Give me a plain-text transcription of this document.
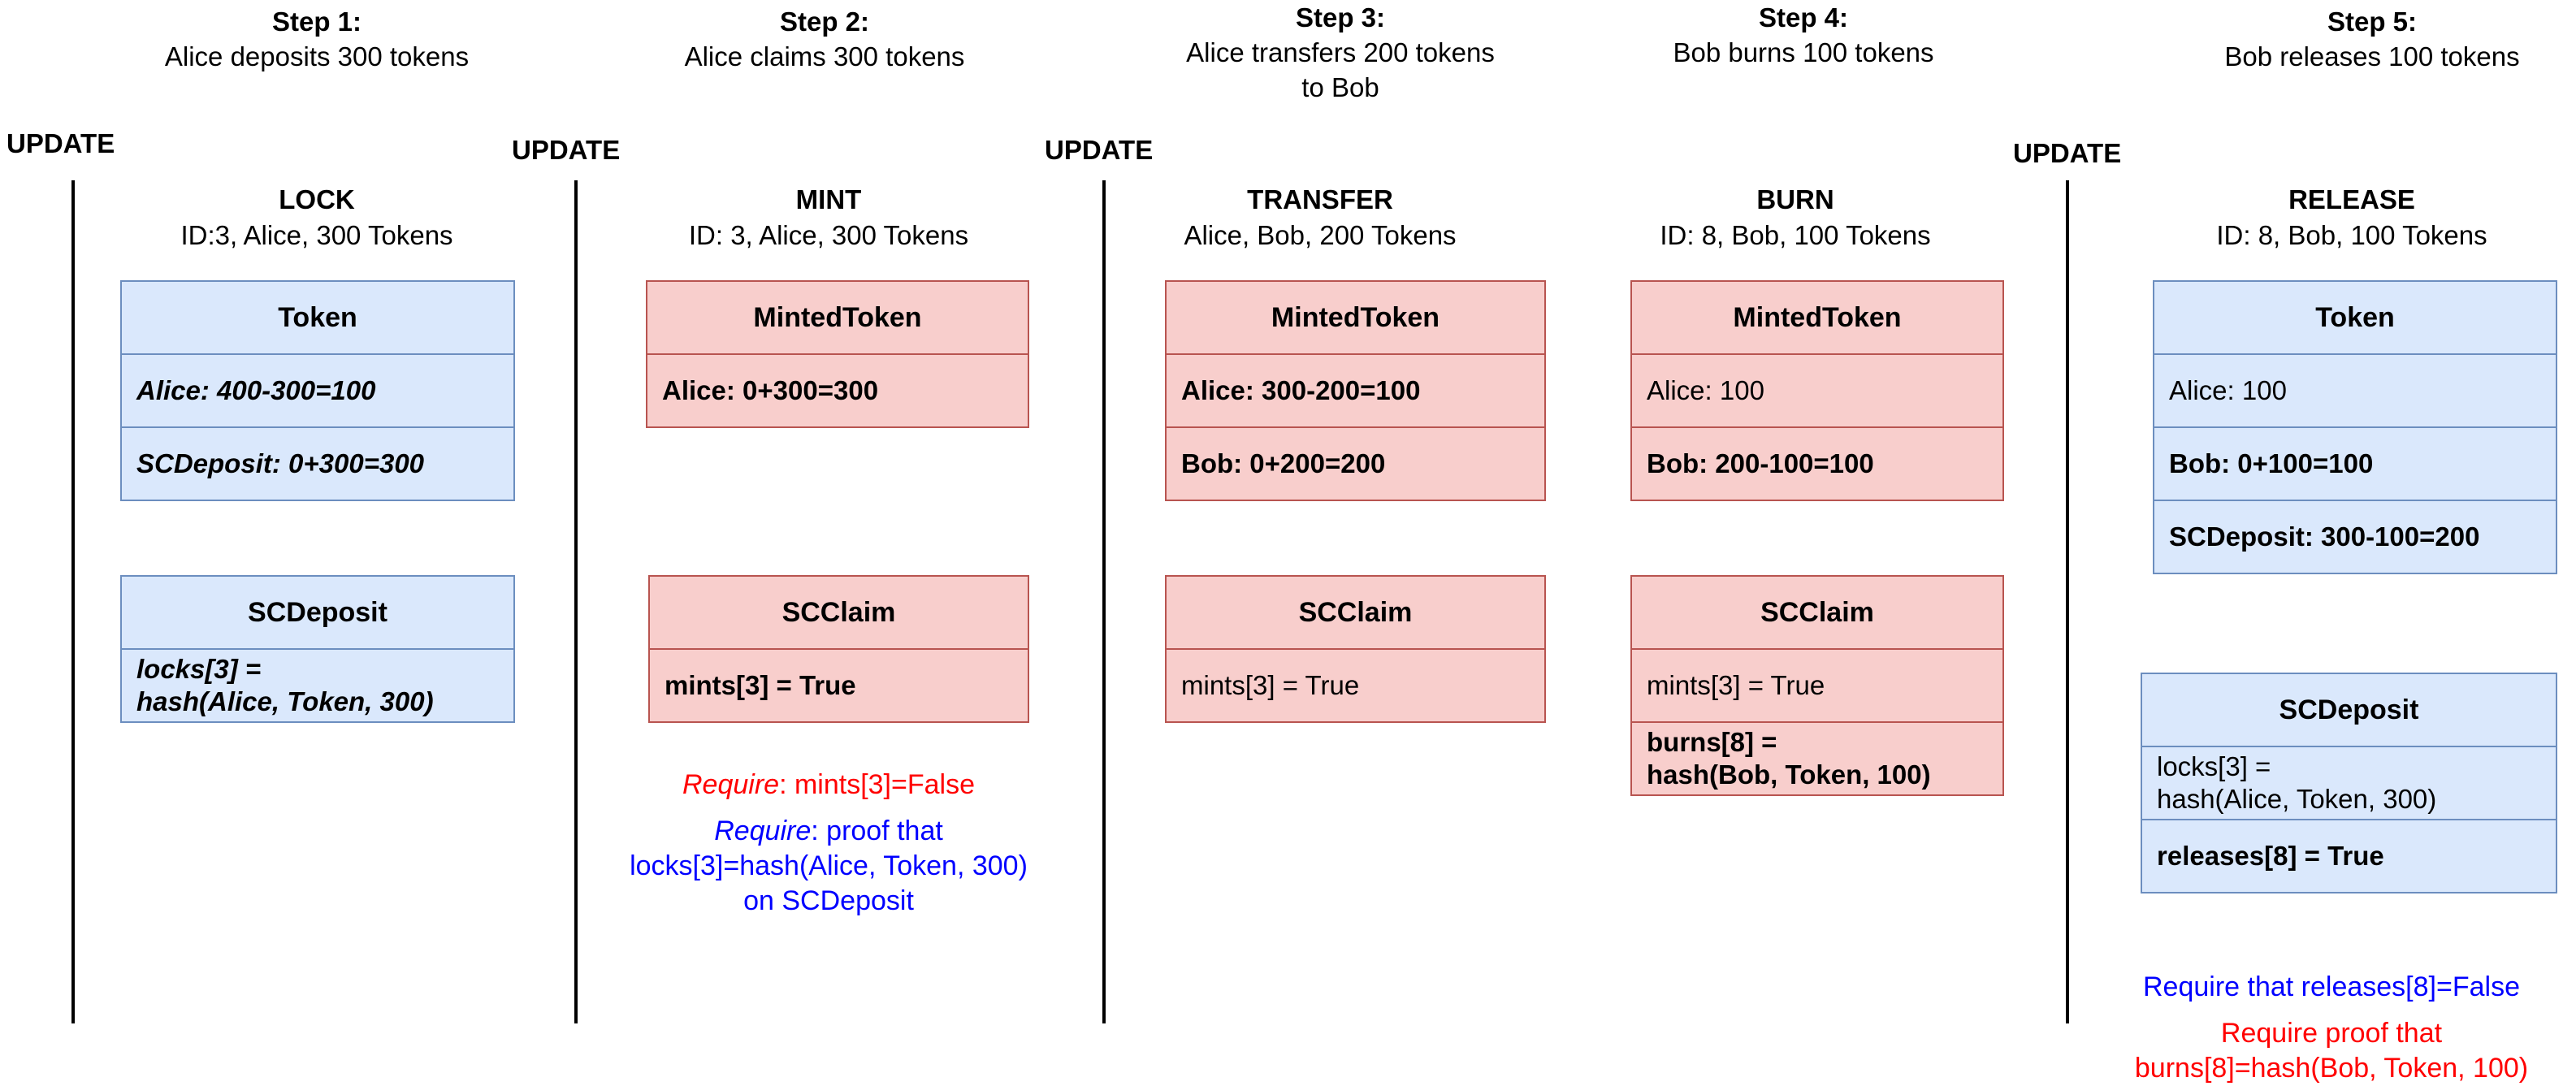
Step 1:
Alice deposits 300 tokens
Step 2:
Alice claims 300 tokens
Step 3:
Alice transfers 200 tokens
to Bob
Step 4:
Bob burns 100 tokens
Step 5:
Bob releases 100 tokens
UPDATE	UPDATE	UPDATE	UPDATE
LOCK
ID:3, Alice, 300 Tokens
MINT
ID: 3, Alice, 300 Tokens
TRANSFER
Alice, Bob, 200 Tokens
BURN
ID: 8, Bob, 100 Tokens
RELEASE
ID: 8, Bob, 100 Tokens
Token
Alice: 400-300=100
SCDeposit: 0+300=300
SCDeposit
locks[3] =
hash(Alice, Token, 300)
MintedToken
Alice: 0+300=300
SCClaim
mints[3] = True
Require: mints[3]=False
Require: proof that
locks[3]=hash(Alice, Token, 300)
on SCDeposit
MintedToken
Alice: 300-200=100
Bob: 0+200=200
SCClaim
mints[3] = True
MintedToken
Alice: 100
Bob: 200-100=100
SCClaim
mints[3] = True
burns[8] =
hash(Bob, Token, 100)
Token
Alice: 100
Bob: 0+100=100
SCDeposit: 300-100=200
SCDeposit
locks[3] =
hash(Alice, Token, 300)
releases[8] = True
Require that releases[8]=False
Require proof that
burns[8]=hash(Bob, Token, 100)
